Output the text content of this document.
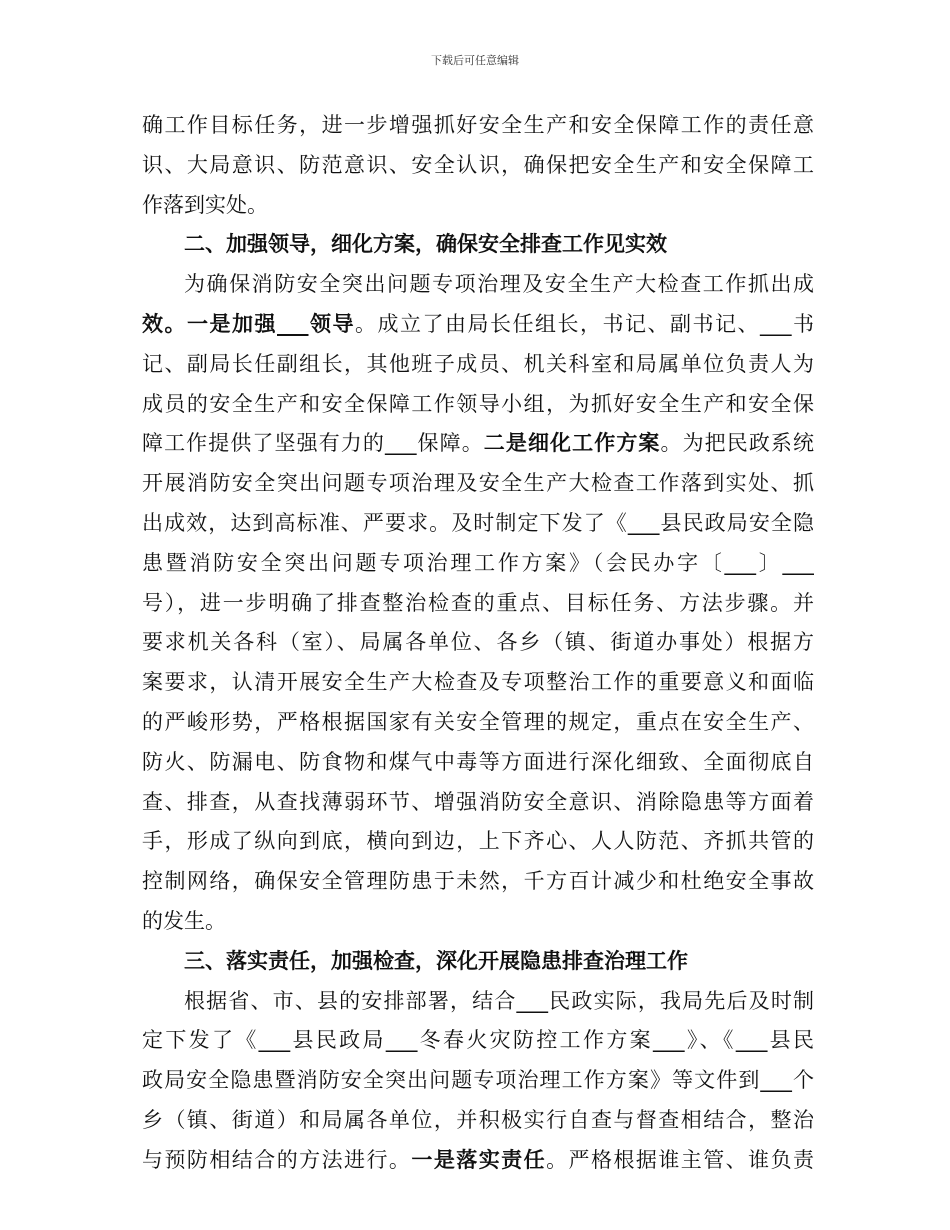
下载后可任意编辑
确工作目标任务，进一步增强抓好安全生产和安全保障工作的责任意
识、大局意识、防范意识、安全认识，确保把安全生产和安全保障工
作落到实处。
二、加强领导，细化方案，确保安全排查工作见实效
为确保消防安全突出问题专项治理及安全生产大检查工作抓出成
效。一是加强___领导。成立了由局长任组长，书记、副书记、___书
记、副局长任副组长，其他班子成员、机关科室和局属单位负责人为
成员的安全生产和安全保障工作领导小组，为抓好安全生产和安全保
障工作提供了坚强有力的___保障。二是细化工作方案。为把民政系统
开展消防安全突出问题专项治理及安全生产大检查工作落到实处、抓
出成效，达到高标准、严要求。及时制定下发了《___县民政局安全隐
患暨消防安全突出问题专项治理工作方案》（会民办字〔___〕___
号），进一步明确了排查整治检查的重点、目标任务、方法步骤。并
要求机关各科（室）、局属各单位、各乡（镇、街道办事处）根据方
案要求，认清开展安全生产大检查及专项整治工作的重要意义和面临
的严峻形势，严格根据国家有关安全管理的规定，重点在安全生产、
防火、防漏电、防食物和煤气中毒等方面进行深化细致、全面彻底自
查、排查，从查找薄弱环节、增强消防安全意识、消除隐患等方面着
手，形成了纵向到底，横向到边，上下齐心、人人防范、齐抓共管的
控制网络，确保安全管理防患于未然，千方百计减少和杜绝安全事故
的发生。
三、落实责任，加强检查，深化开展隐患排查治理工作
根据省、市、县的安排部署，结合___民政实际，我局先后及时制
定下发了《___县民政局___冬春火灾防控工作方案___》、《___县民
政局安全隐患暨消防安全突出问题专项治理工作方案》等文件到___个
乡（镇、街道）和局属各单位，并积极实行自查与督查相结合，整治
与预防相结合的方法进行。一是落实责任。严格根据谁主管、谁负责
